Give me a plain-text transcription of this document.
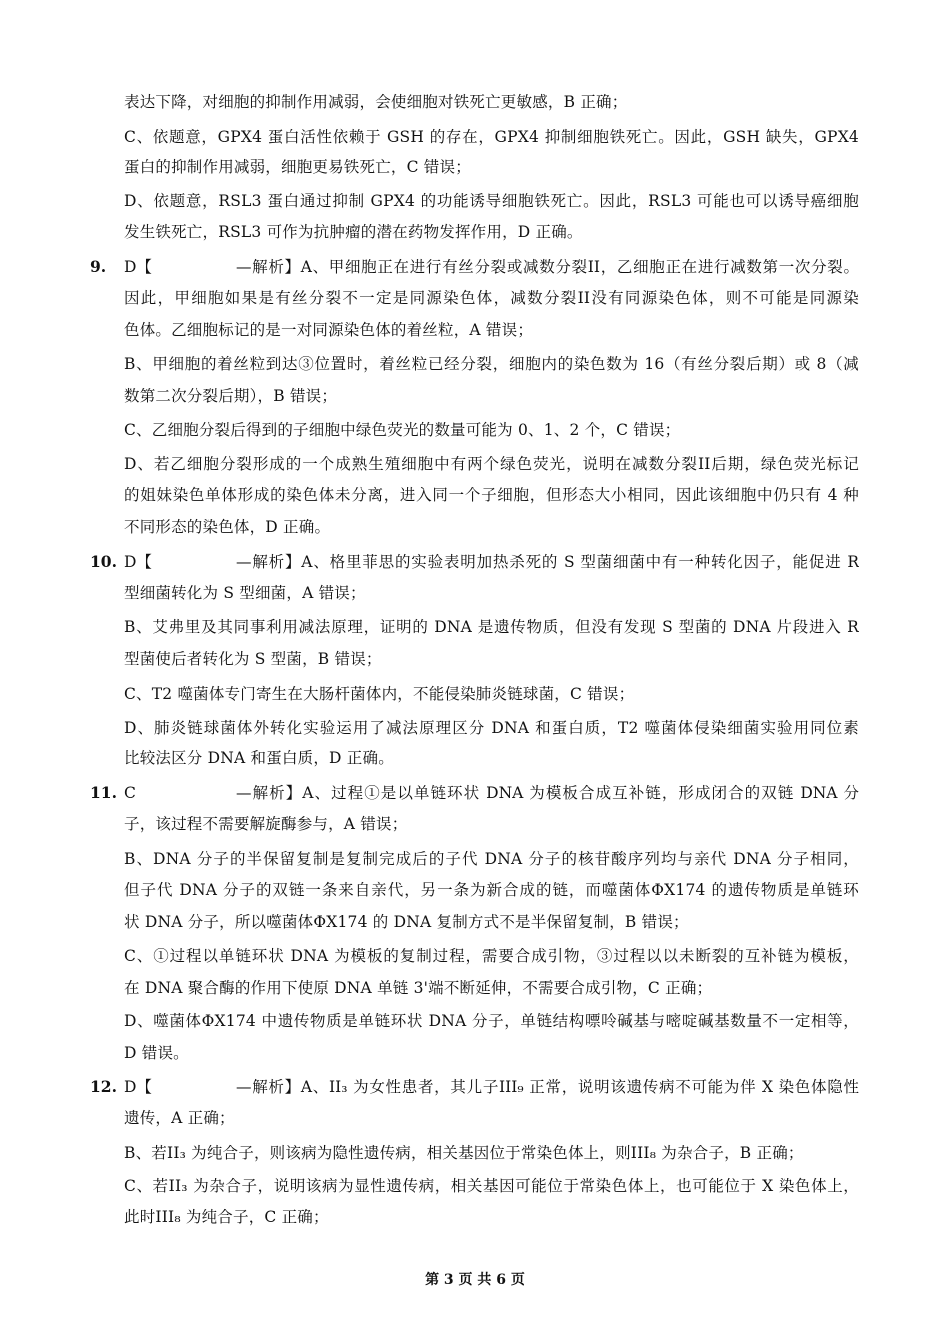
表达下降，对细胞的抑制作用减弱，会使细胞对铁死亡更敏感，B 正确；
C、依题意，GPX4 蛋白活性依赖于 GSH 的存在，GPX4 抑制细胞铁死亡。因此，GSH 缺失，GPX4
蛋白的抑制作用减弱，细胞更易铁死亡，C 错误；
D、依题意，RSL3 蛋白通过抑制 GPX4 的功能诱导细胞铁死亡。因此，RSL3 可能也可以诱导癌细胞
发生铁死亡，RSL3 可作为抗肿瘤的潜在药物发挥作用，D 正确。
9. D【	—解析】A、甲细胞正在进行有丝分裂或减数分裂II，乙细胞正在进行减数第一次分裂。
因此，甲细胞如果是有丝分裂不一定是同源染色体，减数分裂II没有同源染色体，则不可能是同源染
色体。乙细胞标记的是一对同源染色体的着丝粒，A 错误；
B、甲细胞的着丝粒到达③位置时，着丝粒已经分裂，细胞内的染色数为 16（有丝分裂后期）或 8（减
数第二次分裂后期），B 错误；
C、乙细胞分裂后得到的子细胞中绿色荧光的数量可能为 0、1、2 个，C 错误；
D、若乙细胞分裂形成的一个成熟生殖细胞中有两个绿色荧光，说明在减数分裂II后期，绿色荧光标记
的姐妹染色单体形成的染色体未分离，进入同一个子细胞，但形态大小相同，因此该细胞中仍只有 4 种
不同形态的染色体，D 正确。
10. D【	—解析】A、格里菲思的实验表明加热杀死的 S 型菌细菌中有一种转化因子，能促进 R
型细菌转化为 S 型细菌，A 错误；
B、艾弗里及其同事利用减法原理，证明的 DNA 是遗传物质，但没有发现 S 型菌的 DNA 片段进入 R
型菌使后者转化为 S 型菌，B 错误；
C、T2 噬菌体专门寄生在大肠杆菌体内，不能侵染肺炎链球菌，C 错误；
D、肺炎链球菌体外转化实验运用了减法原理区分 DNA 和蛋白质，T2 噬菌体侵染细菌实验用同位素
比较法区分 DNA 和蛋白质，D 正确。
11. C	—解析】A、过程①是以单链环状 DNA 为模板合成互补链，形成闭合的双链 DNA 分
子，该过程不需要解旋酶参与，A 错误；
B、DNA 分子的半保留复制是复制完成后的子代 DNA 分子的核苷酸序列均与亲代 DNA 分子相同，
但子代 DNA 分子的双链一条来自亲代，另一条为新合成的链，而噬菌体ΦX174 的遗传物质是单链环
状 DNA 分子，所以噬菌体ΦX174 的 DNA 复制方式不是半保留复制，B 错误；
C、①过程以单链环状 DNA 为模板的复制过程，需要合成引物，③过程以以未断裂的互补链为模板，
在 DNA 聚合酶的作用下使原 DNA 单链 3'端不断延伸，不需要合成引物，C 正确；
D、噬菌体ΦX174 中遗传物质是单链环状 DNA 分子，单链结构嘌呤碱基与嘧啶碱基数量不一定相等，
D 错误。
12. D【	—解析】A、II₃ 为女性患者，其儿子III₉ 正常，说明该遗传病不可能为伴 X 染色体隐性
遗传，A 正确；
B、若II₃ 为纯合子，则该病为隐性遗传病，相关基因位于常染色体上，则III₈ 为杂合子，B 正确；
C、若II₃ 为杂合子，说明该病为显性遗传病，相关基因可能位于常染色体上，也可能位于 X 染色体上，
此时III₈ 为纯合子，C 正确；
第 3 页 共 6 页
